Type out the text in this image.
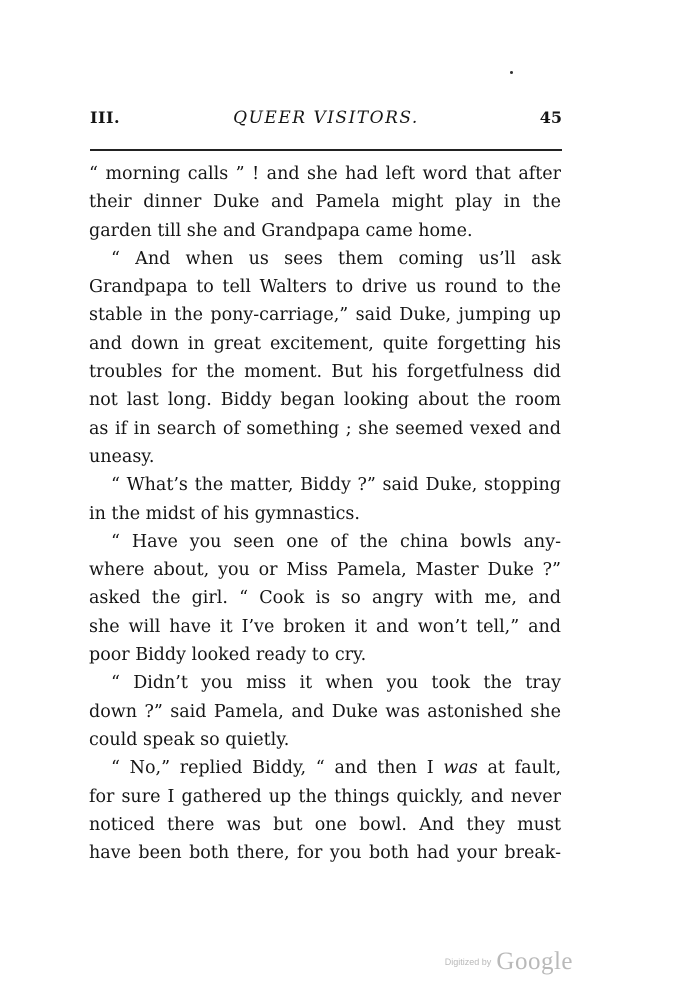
III.	QUEER VISITORS.	45
“ morning calls ” ! and she had left word that after
their dinner Duke and Pamela might play in the
garden till she and Grandpapa came home.
“ And when us sees them coming us’ll ask
Grandpapa to tell Walters to drive us round to the
stable in the pony-carriage,” said Duke, jumping up
and down in great excitement, quite forgetting his
troubles for the moment. But his forgetfulness did
not last long. Biddy began looking about the room
as if in search of something ; she seemed vexed and
uneasy.
“ What’s the matter, Biddy ?” said Duke, stopping
in the midst of his gymnastics.
“ Have you seen one of the china bowls any-
where about, you or Miss Pamela, Master Duke ?”
asked the girl. “ Cook is so angry with me, and
she will have it I’ve broken it and won’t tell,” and
poor Biddy looked ready to cry.
“ Didn’t you miss it when you took the tray
down ?” said Pamela, and Duke was astonished she
could speak so quietly.
“ No,” replied Biddy, “ and then I was at fault,
for sure I gathered up the things quickly, and never
noticed there was but one bowl. And they must
have been both there, for you both had your break-
Digitized by Google
